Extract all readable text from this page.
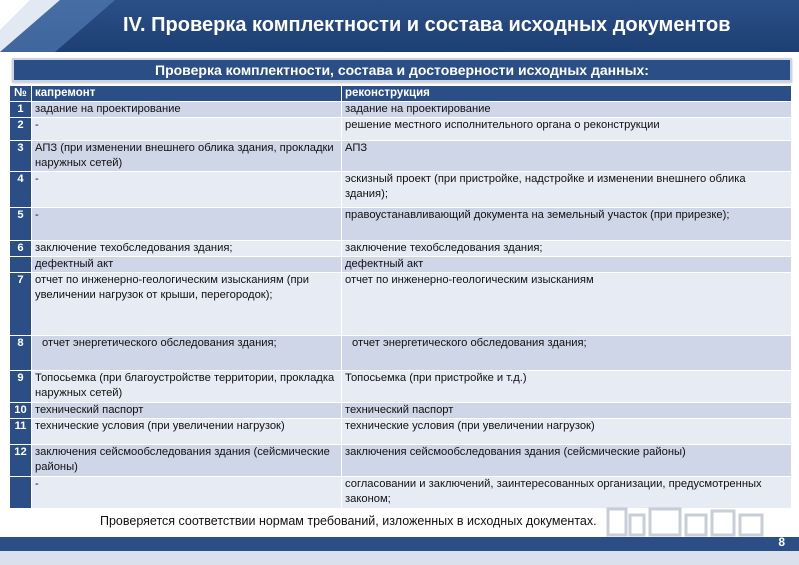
IV. Проверка комплектности и состава исходных документов
Проверка комплектности, состава и достоверности исходных данных:
№	капремонт	реконструкция
1	задание на проектирование	задание на проектирование
2	-	решение местного исполнительного органа о реконструкции
3	АПЗ (при изменении внешнего облика здания, прокладки наружных сетей)	АПЗ
4	-	эскизный проект (при пристройке, надстройке и изменении внешнего облика здания);
5	-	правоустанавливающий документа на земельный участок (при прирезке);
6	заключение техобследования здания;	заключение техобследования здания;
	дефектный акт	дефектный акт
7	отчет по инженерно-геологическим изысканиям (при увеличении нагрузок от крыши, перегородок);	отчет по инженерно-геологическим изысканиям
8	отчет энергетического обследования здания;	отчет энергетического обследования здания;
9	Топосьемка (при благоустройстве территории, прокладка наружных сетей)	Топосьемка (при пристройке и т.д.)
10	технический паспорт	технический паспорт
11	технические условия (при увеличении нагрузок)	технические условия (при увеличении нагрузок)
12	заключения сейсмообследования здания (сейсмические районы)	заключения сейсмообследования здания (сейсмические районы)
	-	согласовании и заключений, заинтересованных организации, предусмотренных законом;
Проверяется соответствии нормам требований, изложенных в исходных документах.
8
